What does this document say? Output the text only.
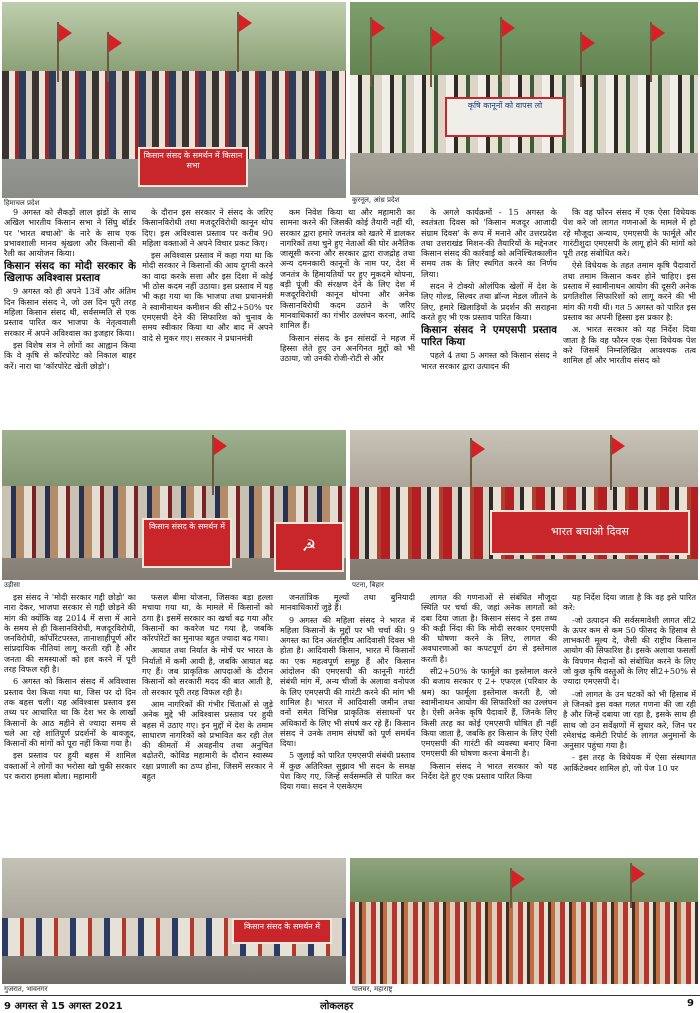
किसान संसद के समर्थन में किसान सभा
हिमाचल प्रदेश
कृषि कानूनों को वापस लो
कुरनूल, आंध्र प्रदेश

9 अगस्त को सैकड़ों लाल झंडों के साथ अखिल भारतीय किसान सभा ने सिंघु बॉर्डर पर 'भारत बचाओ' के नारे के साथ एक प्रभावशाली मानव श्रृंखला और किसानों की रैली का आयोजन किया।

किसान संसद का मोदी सरकार के खिलाफ अविश्वास प्रस्ताव

9 अगस्त को ही अपने 13वें और अंतिम दिन किसान संसद ने, जो उस दिन पूरी तरह महिला किसान संसद थी, सर्वसम्मति से एक प्रस्ताव पारित कर भाजपा के नेतृत्ववाली सरकार में अपने अविश्वास का इजहार किया।

इस विशेष सत्र ने लोगों का आह्वान किया कि वे कृषि से कॉरपोरेट को निकाल बाहर करें। नारा था 'कॉरपोरेट खेती छोड़ो'।

के दौरान इस सरकार ने संसद के जरिए किसानविरोधी तथा मजदूरविरोधी कानून थोप दिए। इस अविश्वास प्रस्ताव पर करीब 90 महिला वक्ताओं ने अपने विचार प्रकट किए।

इस अविश्वास प्रस्ताव में कहा गया था कि मोदी सरकार ने किसानों की आय दुगनी करने का वादा करके सत्ता और इस दिशा में कोई भी ठोस कदम नहीं उठाया। इस प्रस्ताव में यह भी कहा गया था कि भाजपा तथा प्रधानमंत्री ने स्वामीनाथन कमीशन की सी2+50% पर एमएसपी देने की सिफारिश को चुनाव के समय स्वीकार किया था और बाद में अपने वादे से मुकर गए। सरकार ने प्रधानमंत्री

कम निवेश किया था और महामारी का सामना करने की जिसकी कोई तैयारी नहीं थी, सरकार द्वारा हमारे जनतंत्र को खतरे में डालकर नागरिकों तथा चुने हुए नेताओं की घोर अनैतिक जासूसी करना और सरकार द्वारा राजद्रोह तथा अन्य दमनकारी कानूनों के नाम पर, देश में जनतंत्र के हिमायतियों पर हुए मुकदमे थोपना, बड़ी पूंजी की संरक्षण देने के लिए देश में मजदूरविरोधी कानून थोपना और अनेक किसानविरोधी कदम उठाने के जरिए मानवाधिकारों का गंभीर उल्लंघन करना, आदि शामिल हैं।

किसान संसद के इन सांसदों ने महज में हिस्सा लेते हुए उन अनगिनत मुद्दों को भी उठाया, जो उनकी रोजी-रोटी से और

के अगले कार्यक्रमों - 15 अगस्त के स्वतंत्रता दिवस को 'किसान मजदूर आजादी संग्राम दिवस' के रूप में मनाने और उत्तरप्रदेश तथा उत्तराखंड मिशन-की तैयारियों के मद्देनजर किसान संसद की कार्रवाई को अनिश्चितकालीन समय तक के लिए स्थगित करने का निर्णय लिया।

सदन ने टोक्यो ओलंपिक खेलों में देश के लिए गोल्ड, सिल्वर तथा ब्रॉन्ज मेडल जीतने के लिए, हमारे खिलाड़ियों के प्रदर्शन की सराहना करते हुए भी एक प्रस्ताव पारित किया।

किसान संसद ने एमएसपी प्रस्ताव पारित किया

पहले 4 तथा 5 अगस्त को किसान संसद ने भारत सरकार द्वारा उत्पादन की

कि वह फौरन संसद में एक ऐसा विधेयक पेश करे जो लागत गणनाओं के मामले में हो रहे मौजूदा अन्याय, एमएसपी के फार्मूले और गारंटीशुदा एमएसपी के लागू होने की मांगों को पूरी तरह संबोधित करे।

ऐसे विधेयक के तहत तमाम कृषि पैदावारों तथा तमाम किसान कवर होने चाहिए। इस प्रस्ताव में स्वामीनाथन आयोग की दूसरी अनेक प्रगतिशील सिफारिशों को लागू करने की भी मांग की गयी थी। गत 5 अगस्त को पारित इस प्रस्ताव का अपनी हिस्सा इस प्रकार है:

अ. भारत सरकार को यह निर्देश दिया जाता है कि वह फौरन एक ऐसा विधेयक पेश करे जिसमें निम्नलिखित आवश्यक तत्व शामिल हों और भारतीय संसद को

किसान संसद के समर्थन में
☭
उड़ीसा
भारत बचाओ दिवस
पटना, बिहार

इस संसद ने 'मोदी सरकार गद्दी छोड़ो' का नारा देकर, भाजपा सरकार से गद्दी छोड़ने की मांग की क्योंकि वह 2014 में सत्ता में आने के समय से ही किसानविरोधी, मजदूरविरोधी, जनविरोधी, कॉर्पोरेटपरस्त, तानाशाहीपूर्ण और सांप्रदायिक नीतियां लागू करती रही है और जनता की समस्याओं को हल करने में पूरी तरह विफल रही है।

6 अगस्त को किसान संसद में अविश्वास प्रस्ताव पेश किया गया था, जिस पर दो दिन तक बहस चली। यह अविश्वास प्रस्ताव इस तथ्य पर आधारित था कि देश भर के लाखों किसानों के आठ महीने से ज्यादा समय से चले आ रहे शांतिपूर्ण प्रदर्शनों के बावजूद, किसानों की मांगों को पूरा नहीं किया गया है।

इस प्रस्ताव पर हुयी बहस में शामिल वक्ताओं ने लोगों का भरोसा खो चुकी सरकार पर करारा हमला बोला। महामारी

फसल बीमा योजना, जिसका बड़ा हल्ला मचाया गया था, के मामले में किसानों को ठगा है। इसमें सरकार का खर्चा बढ़ गया और किसानों का कवरेज घट गया है, जबकि कॉरपोरेटों का मुनाफा बहुत ज्यादा बढ़ गया।

आयात तथा निर्यात के मोर्चे पर भारत के निर्यातों में कमी आयी है, जबकि आयात बढ़ गए हैं। जब प्राकृतिक आपदाओं के दौरान किसानों को सरकारी मदद की बात आती है, तो सरकार पूरी तरह विफल रही है।

आम नागरिकों की गंभीर चिंताओं से जुड़े अनेक मुद्दे भी अविश्वास प्रस्ताव पर हुयी बहस में उठाए गए। इन मुद्दों में देश के तमाम साधारण नागरिकों को प्रभावित कर रही तेल की कीमतों में अवहनीय तथा अनुचित बढ़ोतरी, कोविड महामारी के दौरान स्वास्थ्य रक्षा प्रणाली का ठप्प होना, जिसमें सरकार ने बहुत

जनतांत्रिक मूल्यों तथा बुनियादी मानवाधिकारों जुड़े हैं।

9 अगस्त की महिला संसद ने भारत में महिला किसानों के मुद्दों पर भी चर्चा की। 9 अगस्त का दिन अंतर्राष्ट्रीय आदिवासी दिवस भी होता है। आदिवासी किसान, भारत में किसानों का एक महत्वपूर्ण समूह हैं और किसान आंदोलन की एमएसपी की कानूनी गारंटी संबंधी मांग में, अन्य चीजों के अलावा वनोपज के लिए एमएसपी की गारंटी करने की मांग भी शामिल है। भारत में आदिवासी जमीन तथा वनों समेत विभिन्न प्राकृतिक संसाधनों पर अधिकारों के लिए भी संघर्ष कर रहे हैं। किसान संसद ने उनके तमाम संघर्षों को पूर्ण समर्थन दिया।

5 जुलाई को पारित एमएसपी संबंधी प्रस्ताव में कुछ अतिरिक्त सुझाव भी सदन के समक्ष पेश किए गए, जिन्हें सर्वसम्मति से पारित कर दिया गया। सदन ने एसकेएम

लागत की गणनाओं से संबंधित मौजूदा स्थिति पर चर्चा की, जहां अनेक लागतों को दबा दिया जाता है। किसान संसद ने इस तथ्य की कड़ी निंदा की कि मोदी सरकार एमएसपी की घोषणा करने के लिए, लागत की अवधारणाओं का कपटपूर्ण ढंग से इस्तेमाल करती है।

सी2+50% के फार्मूले का इस्तेमाल करने की बजाय सरकार ए 2+ एफएल (परिवार के श्रम) का फार्मूला इस्तेमाल करती है, जो स्वामीनाथन आयोग की सिफारिशों का उल्लंघन है। ऐसी अनेक कृषि पैदावारें हैं, जिनके लिए किसी तरह का कोई एमएसपी घोषित ही नहीं किया जाता है, जबकि हर किसान के लिए ऐसी एमएसपी की गारंटी की व्यवस्था बनाए बिना एमएसपी की घोषणा करना बेमानी है।

किसान संसद ने भारत सरकार को यह निर्देश देते हुए एक प्रस्ताव पारित किया

यह निर्देश दिया जाता है कि वह इसे पारित करे:

-जो उत्पादन की सर्वसमावेशी लागत सी2 के ऊपर कम से कम 50 फीसद के हिसाब से लाभकारी मूल्य दे, जैसी की राष्ट्रीय किसान आयोग की सिफारिश है। इसके अलावा फसलों के विपणन मैदानों को संबोधित करने के लिए जो कुछ कृषि वस्तुओं के लिए सी2+50% से ज्यादा एमएसपी दे।

-जो लागत के उन घटकों को भी हिसाब में ले जिनको इस वक्त गलत गणना की जा रही है और जिन्हें दबाया जा रहा है, इसके साथ ही साथ जो उन सर्वेक्षणों में सुधार करे, जिन पर रमेशचंद्र कमेटी रिपोर्ट के लागत अनुमानों के अनुसार पहुंचा गया है।

- इस तरह के विधेयक में ऐसा संस्थागत आर्किटेक्चर शामिल हो, जो पेज 10 पर

किसान संसद के समर्थन में
गुजरात, भावनगर	पालघर, महाराष्ट्र
9 अगस्त से 15 अगस्त 2021	लोकलहर	9
